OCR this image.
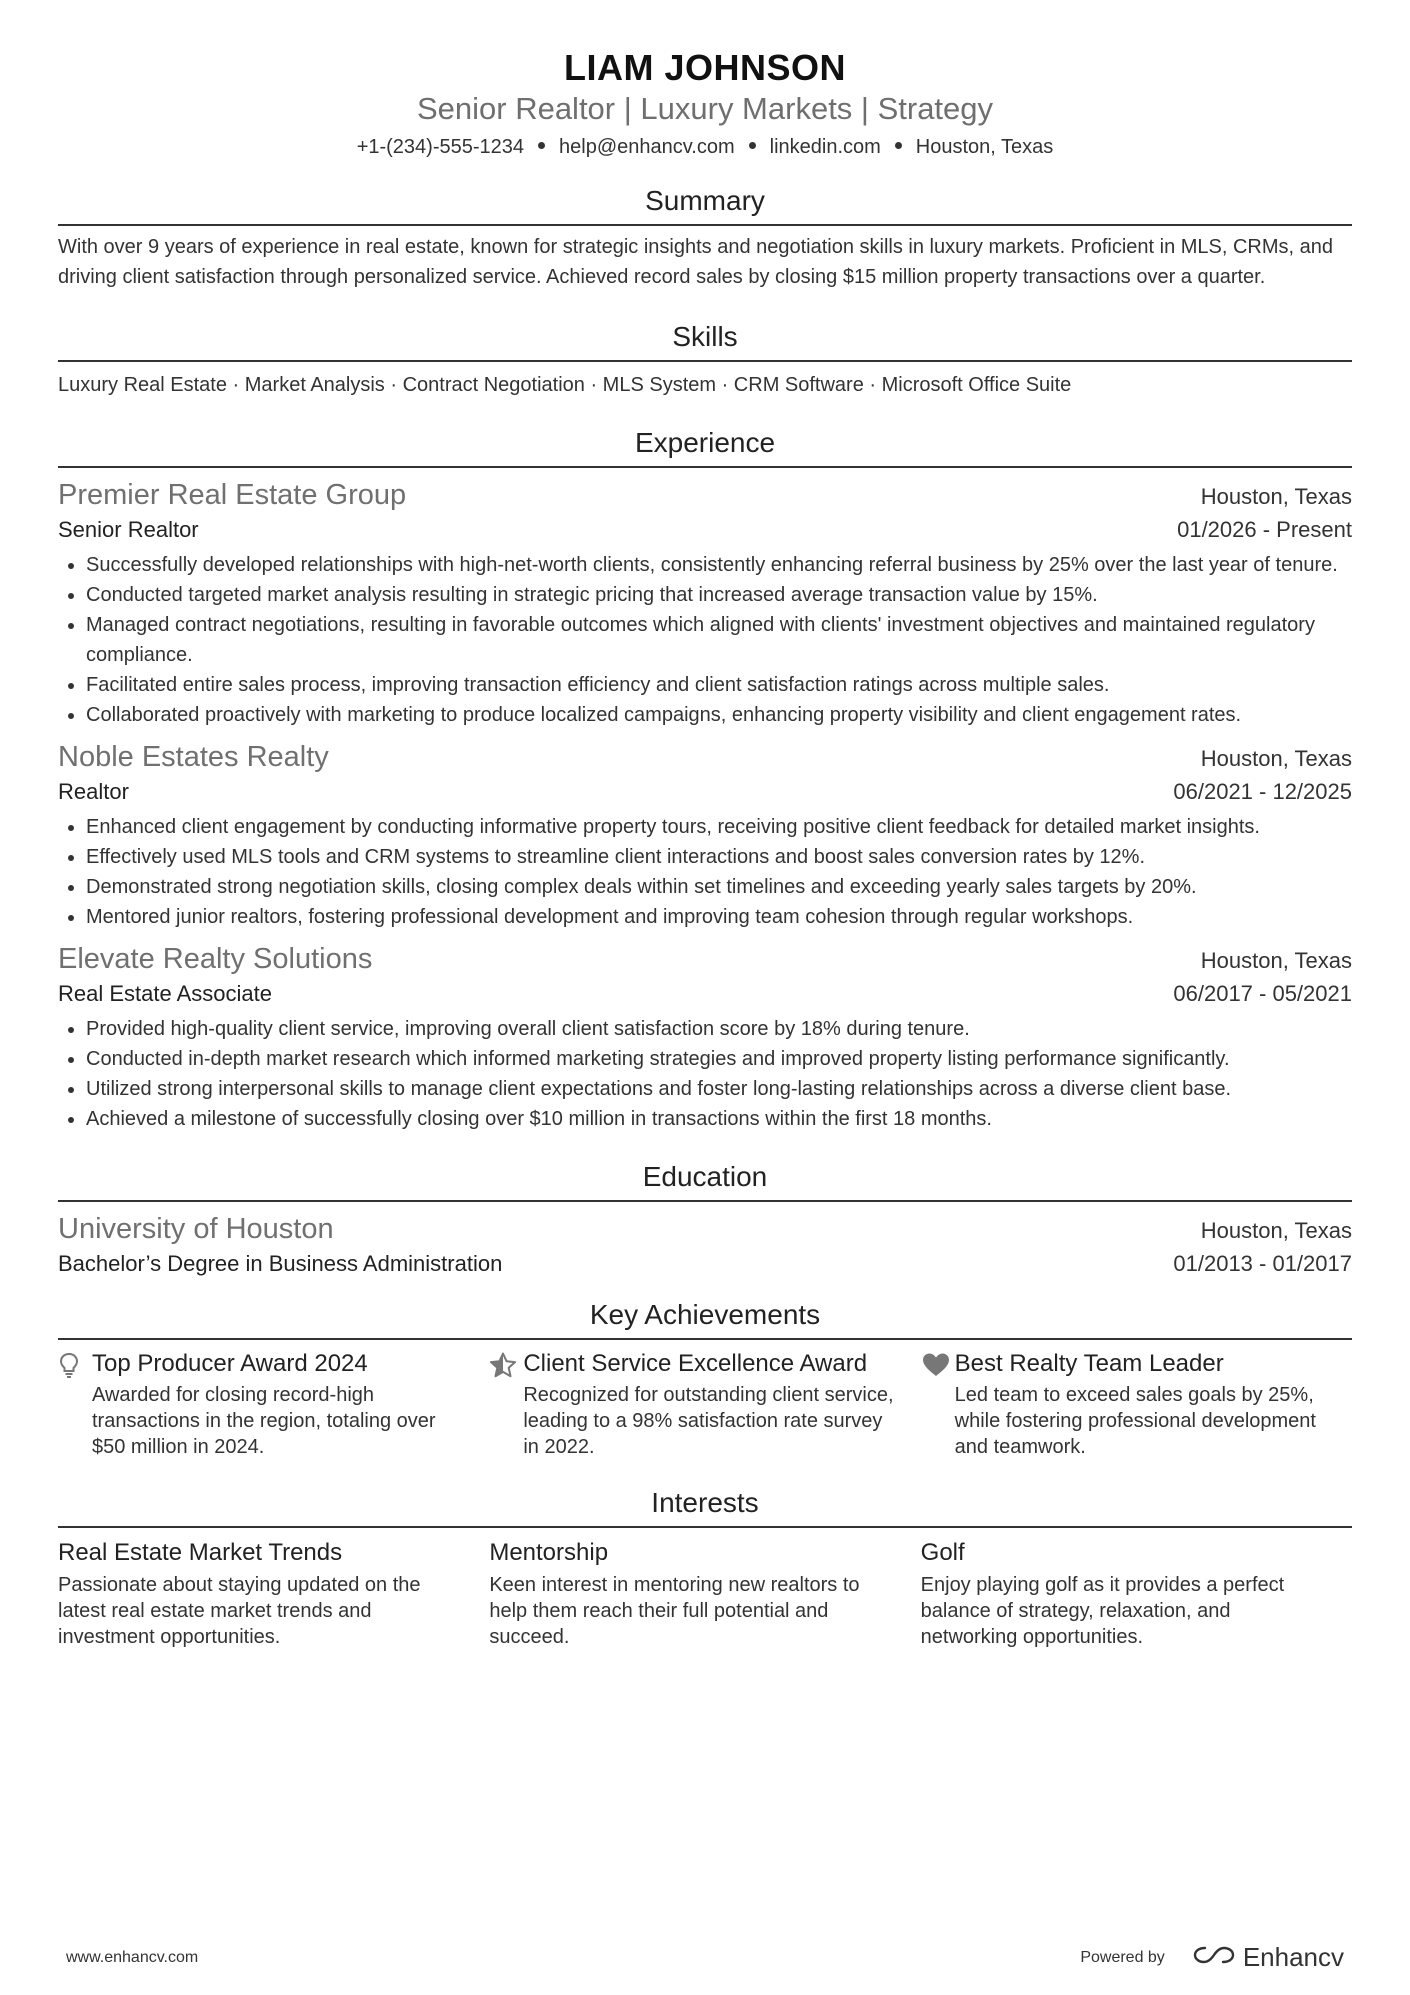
LIAM JOHNSON
Senior Realtor | Luxury Markets | Strategy
+1-(234)-555-1234 help@enhancv.com linkedin.com Houston, Texas
Summary
With over 9 years of experience in real estate, known for strategic insights and negotiation skills in luxury markets. Proficient in MLS, CRMs, and driving client satisfaction through personalized service. Achieved record sales by closing $15 million property transactions over a quarter.
Skills
Luxury Real Estate · Market Analysis · Contract Negotiation · MLS System · CRM Software · Microsoft Office Suite
Experience
Premier Real Estate Group	Houston, Texas
Senior Realtor	01/2026 - Present
• Successfully developed relationships with high-net-worth clients, consistently enhancing referral business by 25% over the last year of tenure.
• Conducted targeted market analysis resulting in strategic pricing that increased average transaction value by 15%.
• Managed contract negotiations, resulting in favorable outcomes which aligned with clients' investment objectives and maintained regulatory compliance.
• Facilitated entire sales process, improving transaction efficiency and client satisfaction ratings across multiple sales.
• Collaborated proactively with marketing to produce localized campaigns, enhancing property visibility and client engagement rates.
Noble Estates Realty	Houston, Texas
Realtor	06/2021 - 12/2025
• Enhanced client engagement by conducting informative property tours, receiving positive client feedback for detailed market insights.
• Effectively used MLS tools and CRM systems to streamline client interactions and boost sales conversion rates by 12%.
• Demonstrated strong negotiation skills, closing complex deals within set timelines and exceeding yearly sales targets by 20%.
• Mentored junior realtors, fostering professional development and improving team cohesion through regular workshops.
Elevate Realty Solutions	Houston, Texas
Real Estate Associate	06/2017 - 05/2021
• Provided high-quality client service, improving overall client satisfaction score by 18% during tenure.
• Conducted in-depth market research which informed marketing strategies and improved property listing performance significantly.
• Utilized strong interpersonal skills to manage client expectations and foster long-lasting relationships across a diverse client base.
• Achieved a milestone of successfully closing over $10 million in transactions within the first 18 months.
Education
University of Houston	Houston, Texas
Bachelor’s Degree in Business Administration	01/2013 - 01/2017
Key Achievements
Top Producer Award 2024
Awarded for closing record-high transactions in the region, totaling over $50 million in 2024.
Client Service Excellence Award
Recognized for outstanding client service, leading to a 98% satisfaction rate survey in 2022.
Best Realty Team Leader
Led team to exceed sales goals by 25%, while fostering professional development and teamwork.
Interests
Real Estate Market Trends
Passionate about staying updated on the latest real estate market trends and investment opportunities.
Mentorship
Keen interest in mentoring new realtors to help them reach their full potential and succeed.
Golf
Enjoy playing golf as it provides a perfect balance of strategy, relaxation, and networking opportunities.
www.enhancv.com	Powered by	Enhancv
